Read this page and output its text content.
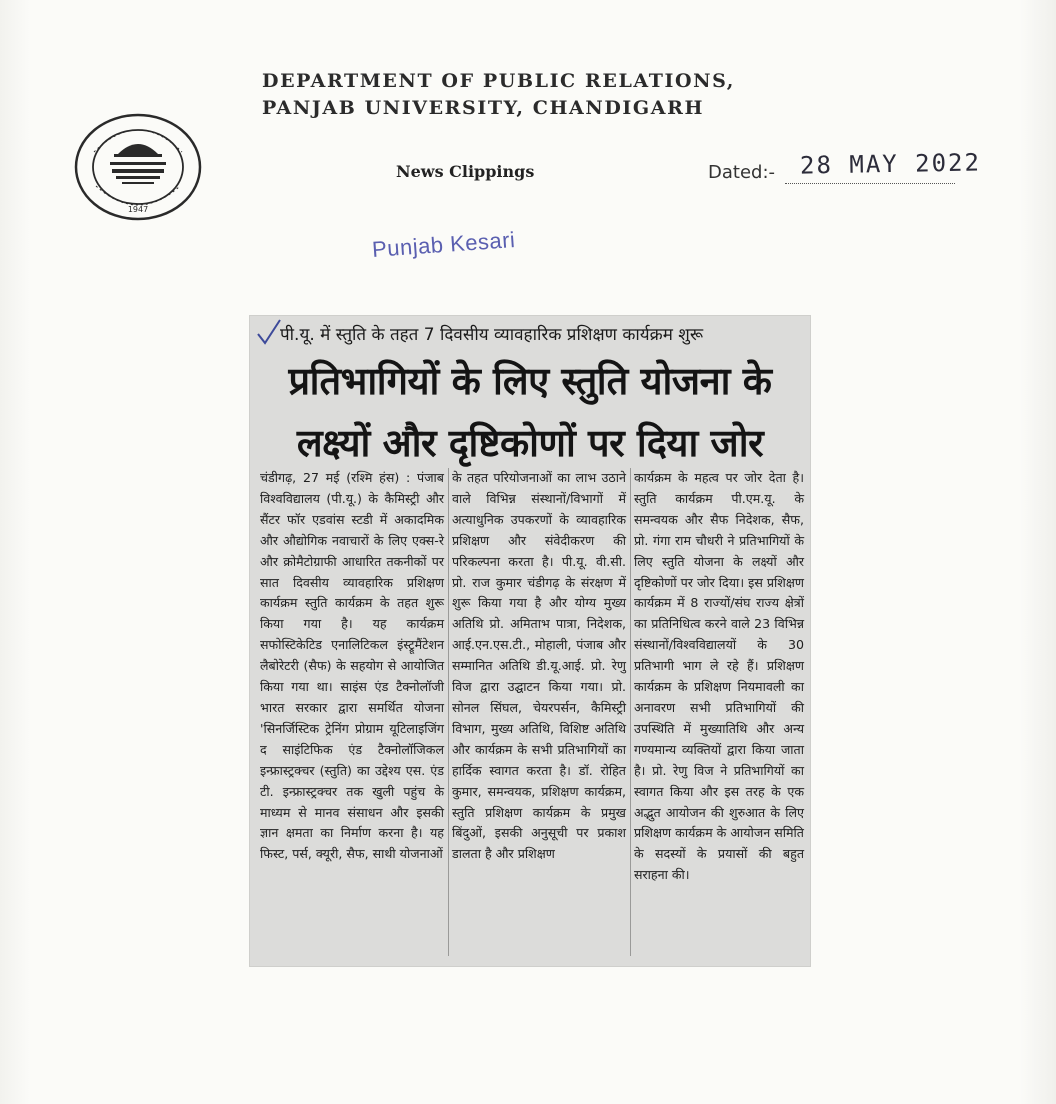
1947
DEPARTMENT OF PUBLIC RELATIONS,
PANJAB UNIVERSITY, CHANDIGARH
News Clippings	Dated:- 28 MAY 2022
Punjab Kesari
पी.यू. में स्तुति के तहत 7 दिवसीय व्यावहारिक प्रशिक्षण कार्यक्रम शुरू
प्रतिभागियों के लिए स्तुति योजना के
लक्ष्यों और दृष्टिकोणों पर दिया जोर

चंडीगढ़, 27 मई (रश्मि हंस) : पंजाब विश्वविद्यालय (पी.यू.) के कैमिस्ट्री और सैंटर फॉर एडवांस स्टडी में अकादमिक और औद्योगिक नवाचारों के लिए एक्स-रे और क्रोमैटोग्राफी आधारित तकनीकों पर सात दिवसीय व्यावहारिक प्रशिक्षण कार्यक्रम स्तुति कार्यक्रम के तहत शुरू किया गया है। यह कार्यक्रम सफोस्टिकेटिड एनालिटिकल इंस्ट्रूमैंटेशन लैबोरेटरी (सैफ) के सहयोग से आयोजित किया गया था। साइंस एंड टैक्नोलॉजी भारत सरकार द्वारा समर्थित योजना 'सिनर्जिस्टिक ट्रेनिंग प्रोग्राम यूटिलाइजिंग द साइंटिफिक एंड टैक्नोलॉजिकल इन्फ्रास्ट्रक्चर (स्तुति) का उद्देश्य एस. एंड टी. इन्फ्रास्ट्रक्चर तक खुली पहुंच के माध्यम से मानव संसाधन और इसकी ज्ञान क्षमता का निर्माण करना है। यह फिस्ट, पर्स, क्यूरी, सैफ, साथी योजनाओं

के तहत परियोजनाओं का लाभ उठाने वाले विभिन्न संस्थानों/विभागों में अत्याधुनिक उपकरणों के व्यावहारिक प्रशिक्षण और संवेदीकरण की परिकल्पना करता है। पी.यू. वी.सी. प्रो. राज कुमार चंडीगढ़ के संरक्षण में शुरू किया गया है और योग्य मुख्य अतिथि प्रो. अमिताभ पात्रा, निदेशक, आई.एन.एस.टी., मोहाली, पंजाब और सम्मानित अतिथि डी.यू.आई. प्रो. रेणु विज द्वारा उद्घाटन किया गया। प्रो. सोनल सिंघल, चेयरपर्सन, कैमिस्ट्री विभाग, मुख्य अतिथि, विशिष्ट अतिथि और कार्यक्रम के सभी प्रतिभागियों का हार्दिक स्वागत करता है। डॉ. रोहित कुमार, समन्वयक, प्रशिक्षण कार्यक्रम, स्तुति प्रशिक्षण कार्यक्रम के प्रमुख बिंदुओं, इसकी अनुसूची पर प्रकाश डालता है और प्रशिक्षण

कार्यक्रम के महत्व पर जोर देता है। स्तुति कार्यक्रम पी.एम.यू. के समन्वयक और सैफ निदेशक, सैफ, प्रो. गंगा राम चौधरी ने प्रतिभागियों के लिए स्तुति योजना के लक्ष्यों और दृष्टिकोणों पर जोर दिया। इस प्रशिक्षण कार्यक्रम में 8 राज्यों/संघ राज्य क्षेत्रों का प्रतिनिधित्व करने वाले 23 विभिन्न संस्थानों/विश्वविद्यालयों के 30 प्रतिभागी भाग ले रहे हैं। प्रशिक्षण कार्यक्रम के प्रशिक्षण नियमावली का अनावरण सभी प्रतिभागियों की उपस्थिति में मुख्यातिथि और अन्य गण्यमान्य व्यक्तियों द्वारा किया जाता है। प्रो. रेणु विज ने प्रतिभागियों का स्वागत किया और इस तरह के एक अद्भुत आयोजन की शुरुआत के लिए प्रशिक्षण कार्यक्रम के आयोजन समिति के सदस्यों के प्रयासों की बहुत सराहना की।
